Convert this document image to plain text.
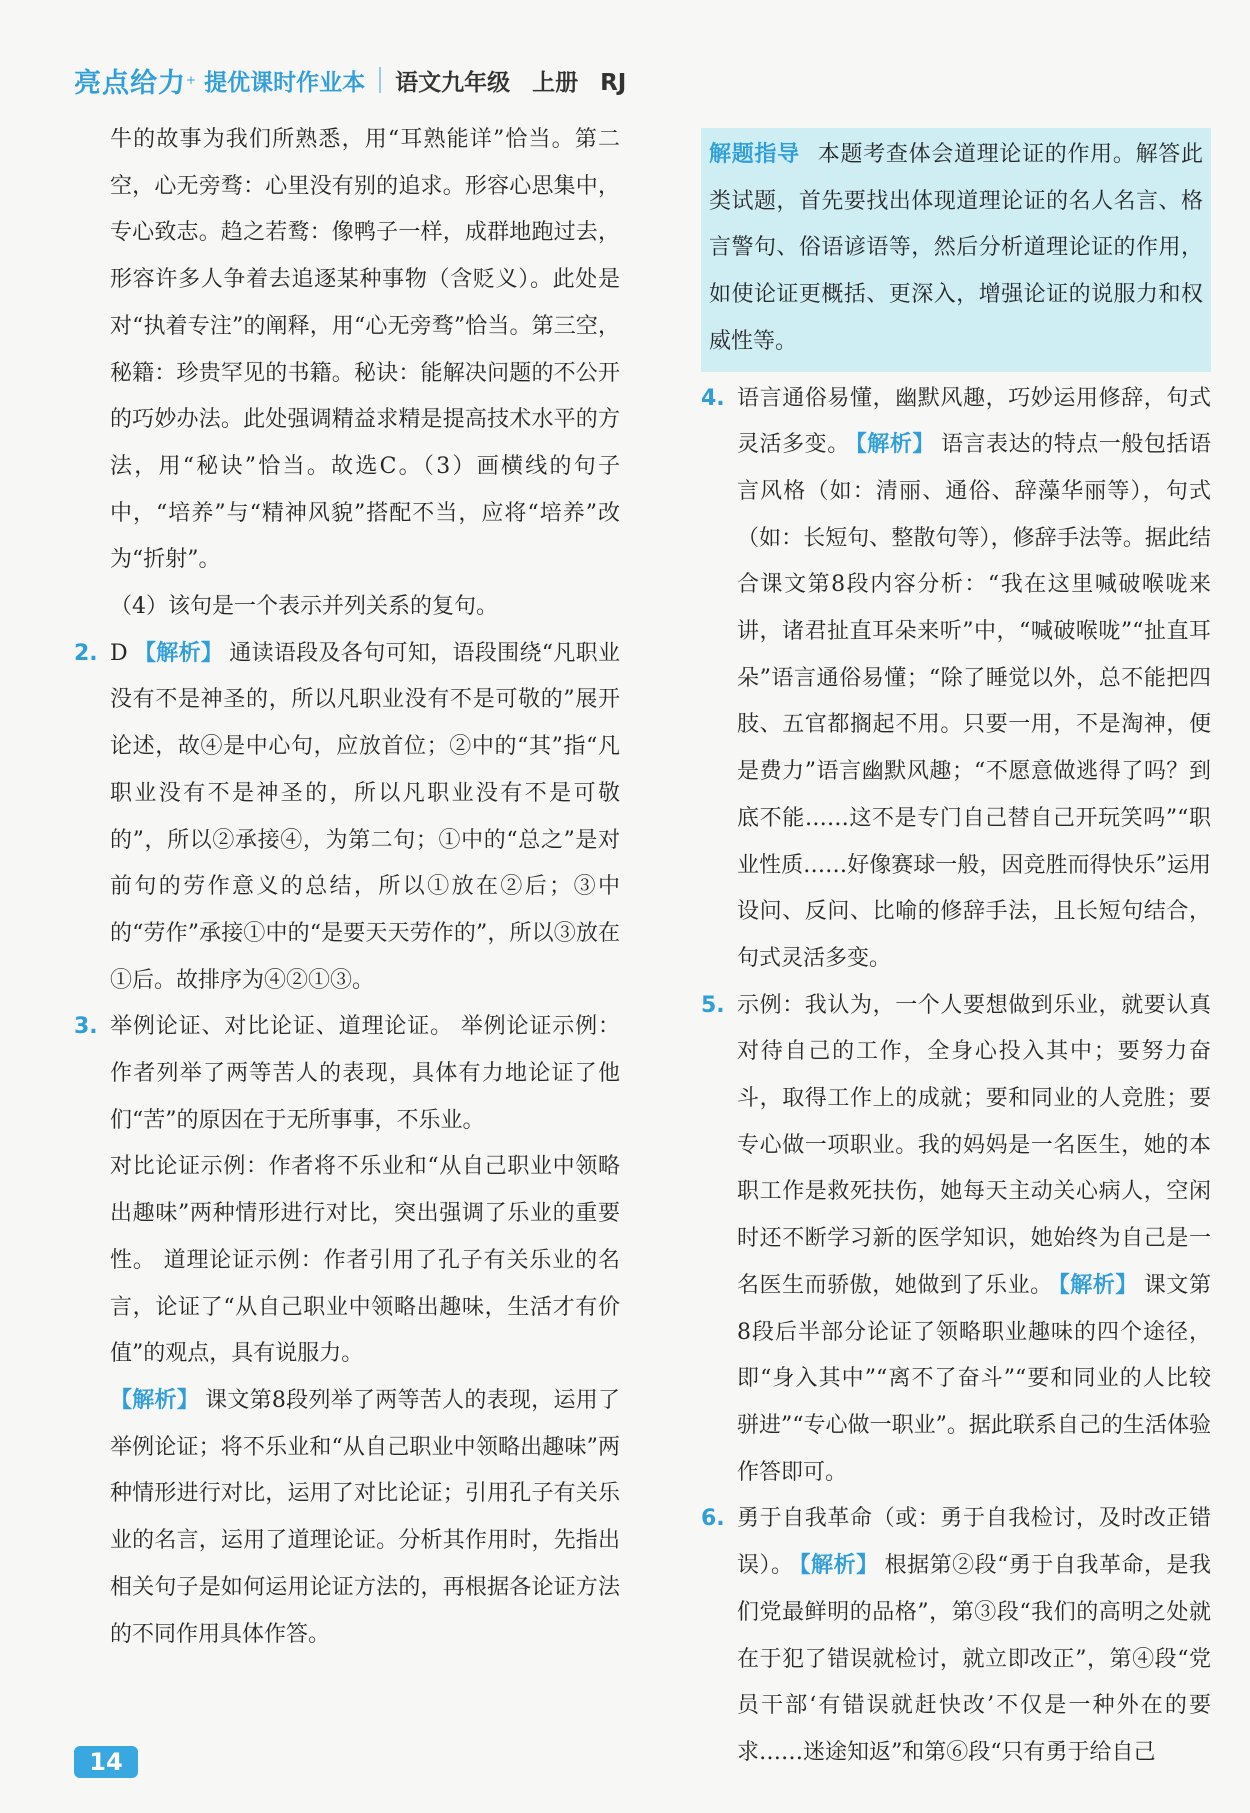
亮点给力 + 提优课时作业本 语文九年级 上册 RJ

牛的故事为我们所熟悉，用“耳熟能详”恰当。第二空，心无旁骛：心里没有别的追求。形容心思集中，专心致志。趋之若鹜：像鸭子一样，成群地跑过去，形容许多人争着去追逐某种事物（含贬义）。此处是对“执着专注”的阐释，用“心无旁骛”恰当。第三空，秘籍：珍贵罕见的书籍。秘诀：能解决问题的不公开的巧妙办法。此处强调精益求精是提高技术水平的方法，用“秘诀”恰当。故选C。（3）画横线的句子中，“培养”与“精神风貌”搭配不当，应将“培养”改为“折射”。

（4）该句是一个表示并列关系的复句。

2. D 【解析】 通读语段及各句可知，语段围绕“凡职业没有不是神圣的，所以凡职业没有不是可敬的”展开论述，故④是中心句，应放首位；②中的“其”指“凡职业没有不是神圣的，所以凡职业没有不是可敬的”，所以②承接④，为第二句；①中的“总之”是对前句的劳作意义的总结，所以①放在②后；③中的“劳作”承接①中的“是要天天劳作的”，所以③放在①后。故排序为④②①③。

3. 举例论证、对比论证、道理论证。 举例论证示例：作者列举了两等苦人的表现，具体有力地论证了他们“苦”的原因在于无所事事，不乐业。

对比论证示例：作者将不乐业和“从自己职业中领略出趣味”两种情形进行对比，突出强调了乐业的重要性。 道理论证示例：作者引用了孔子有关乐业的名言，论证了“从自己职业中领略出趣味，生活才有价值”的观点，具有说服力。

【解析】 课文第8段列举了两等苦人的表现，运用了举例论证；将不乐业和“从自己职业中领略出趣味”两种情形进行对比，运用了对比论证；引用孔子有关乐业的名言，运用了道理论证。分析其作用时，先指出相关句子是如何运用论证方法的，再根据各论证方法的不同作用具体作答。

解题指导 本题考查体会道理论证的作用。解答此类试题，首先要找出体现道理论证的名人名言、格言警句、俗语谚语等，然后分析道理论证的作用，如使论证更概括、更深入，增强论证的说服力和权威性等。
4. 语言通俗易懂，幽默风趣，巧妙运用修辞，句式灵活多变。 【解析】 语言表达的特点一般包括语言风格（如：清丽、通俗、辞藻华丽等），句式（如：长短句、整散句等），修辞手法等。据此结合课文第8段内容分析：“我在这里喊破喉咙来讲，诸君扯直耳朵来听”中，“喊破喉咙”“扯直耳朵”语言通俗易懂；“除了睡觉以外，总不能把四肢、五官都搁起不用。只要一用，不是淘神，便是费力”语言幽默风趣；“不愿意做逃得了吗？到底不能……这不是专门自己替自己开玩笑吗”“职业性质……好像赛球一般，因竞胜而得快乐”运用设问、反问、比喻的修辞手法，且长短句结合，句式灵活多变。

5. 示例：我认为，一个人要想做到乐业，就要认真对待自己的工作，全身心投入其中；要努力奋斗，取得工作上的成就；要和同业的人竞胜；要专心做一项职业。我的妈妈是一名医生，她的本职工作是救死扶伤，她每天主动关心病人，空闲时还不断学习新的医学知识，她始终为自己是一名医生而骄傲，她做到了乐业。 【解析】 课文第8段后半部分论证了领略职业趣味的四个途径，即“身入其中”“离不了奋斗”“要和同业的人比较骈进”“专心做一职业”。据此联系自己的生活体验作答即可。

6. 勇于自我革命（或：勇于自我检讨，及时改正错误）。 【解析】 根据第②段“勇于自我革命，是我们党最鲜明的品格”，第③段“我们的高明之处就在于犯了错误就检讨，就立即改正”，第④段“党员干部‘有错误就赶快改’不仅是一种外在的要求……迷途知返”和第⑥段“只有勇于给自己

14
